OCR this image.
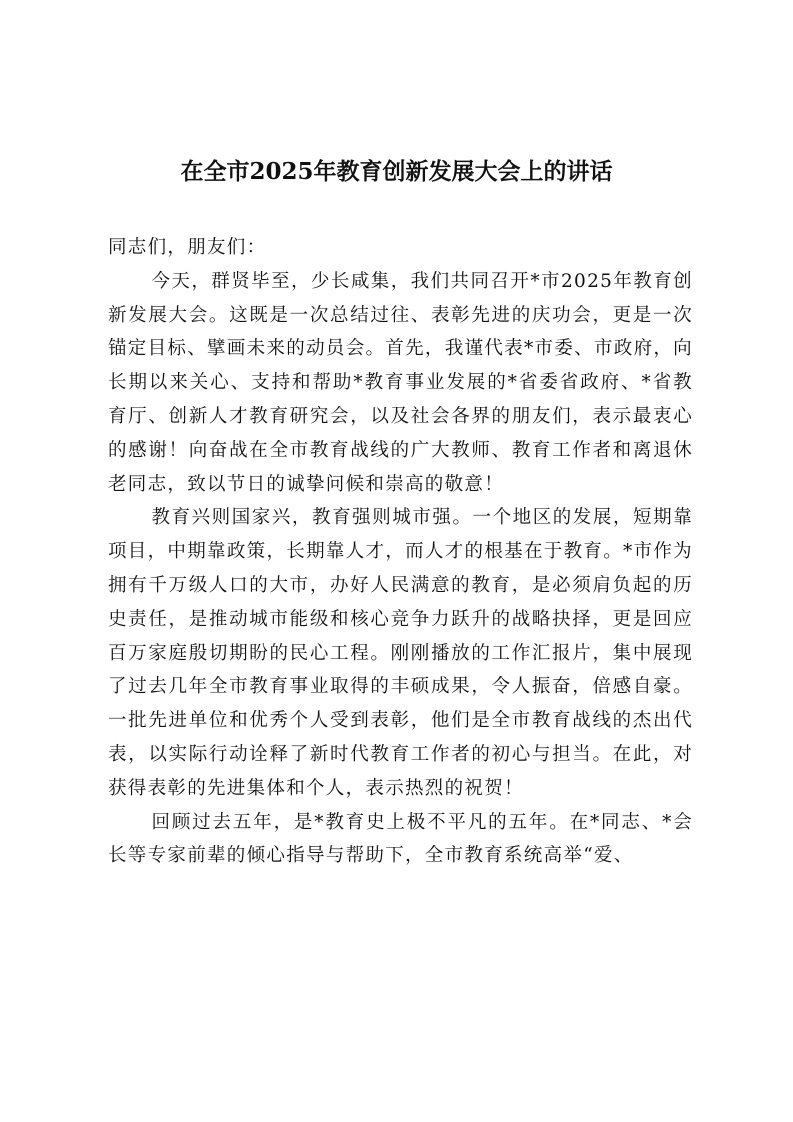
在全市2025年教育创新发展大会上的讲话

同志们，朋友们：

今天，群贤毕至，少长咸集，我们共同召开*市2025年教育创新发展大会。这既是一次总结过往、表彰先进的庆功会，更是一次锚定目标、擘画未来的动员会。首先，我谨代表*市委、市政府，向长期以来关心、支持和帮助*教育事业发展的*省委省政府、*省教育厅、创新人才教育研究会，以及社会各界的朋友们，表示最衷心的感谢！向奋战在全市教育战线的广大教师、教育工作者和离退休老同志，致以节日的诚挚问候和崇高的敬意！

教育兴则国家兴，教育强则城市强。一个地区的发展，短期靠项目，中期靠政策，长期靠人才，而人才的根基在于教育。*市作为拥有千万级人口的大市，办好人民满意的教育，是必须肩负起的历史责任，是推动城市能级和核心竞争力跃升的战略抉择，更是回应百万家庭殷切期盼的民心工程。刚刚播放的工作汇报片，集中展现了过去几年全市教育事业取得的丰硕成果，令人振奋，倍感自豪。一批先进单位和优秀个人受到表彰，他们是全市教育战线的杰出代表，以实际行动诠释了新时代教育工作者的初心与担当。在此，对获得表彰的先进集体和个人，表示热烈的祝贺！

回顾过去五年，是*教育史上极不平凡的五年。在*同志、*会长等专家前辈的倾心指导与帮助下，全市教育系统高举“爱、
